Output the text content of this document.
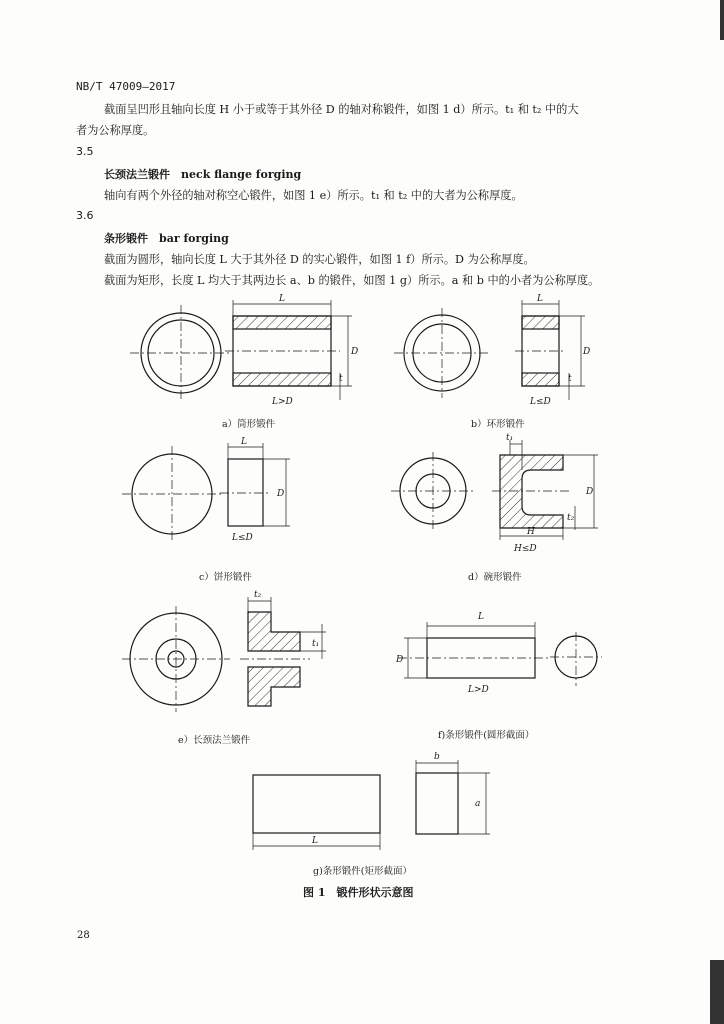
NB/T 47009—2017
截面呈凹形且轴向长度 H 小于或等于其外径 D 的轴对称锻件，如图 1 d）所示。t₁ 和 t₂ 中的大
者为公称厚度。
3.5
长颈法兰锻件　neck flange forging
轴向有两个外径的轴对称空心锻件，如图 1 e）所示。t₁ 和 t₂ 中的大者为公称厚度。
3.6
条形锻件　bar forging
截面为圆形，轴向长度 L 大于其外径 D 的实心锻件，如图 1 f）所示。D 为公称厚度。
截面为矩形，长度 L 均大于其两边长 a、b 的锻件，如图 1 g）所示。a 和 b 中的小者为公称厚度。
L
D
t
L>D
L
D
t
L≤D
L
D
L≤D
t₁
D
t₂
H
H≤D
t₂
t₁
L
D
L>D
L
b
a
a）筒形锻件	b）环形锻件
c）饼形锻件	d）碗形锻件
e）长颈法兰锻件	f)条形锻件(圆形截面）
g)条形锻件(矩形截面）
图 1　锻件形状示意图
28
